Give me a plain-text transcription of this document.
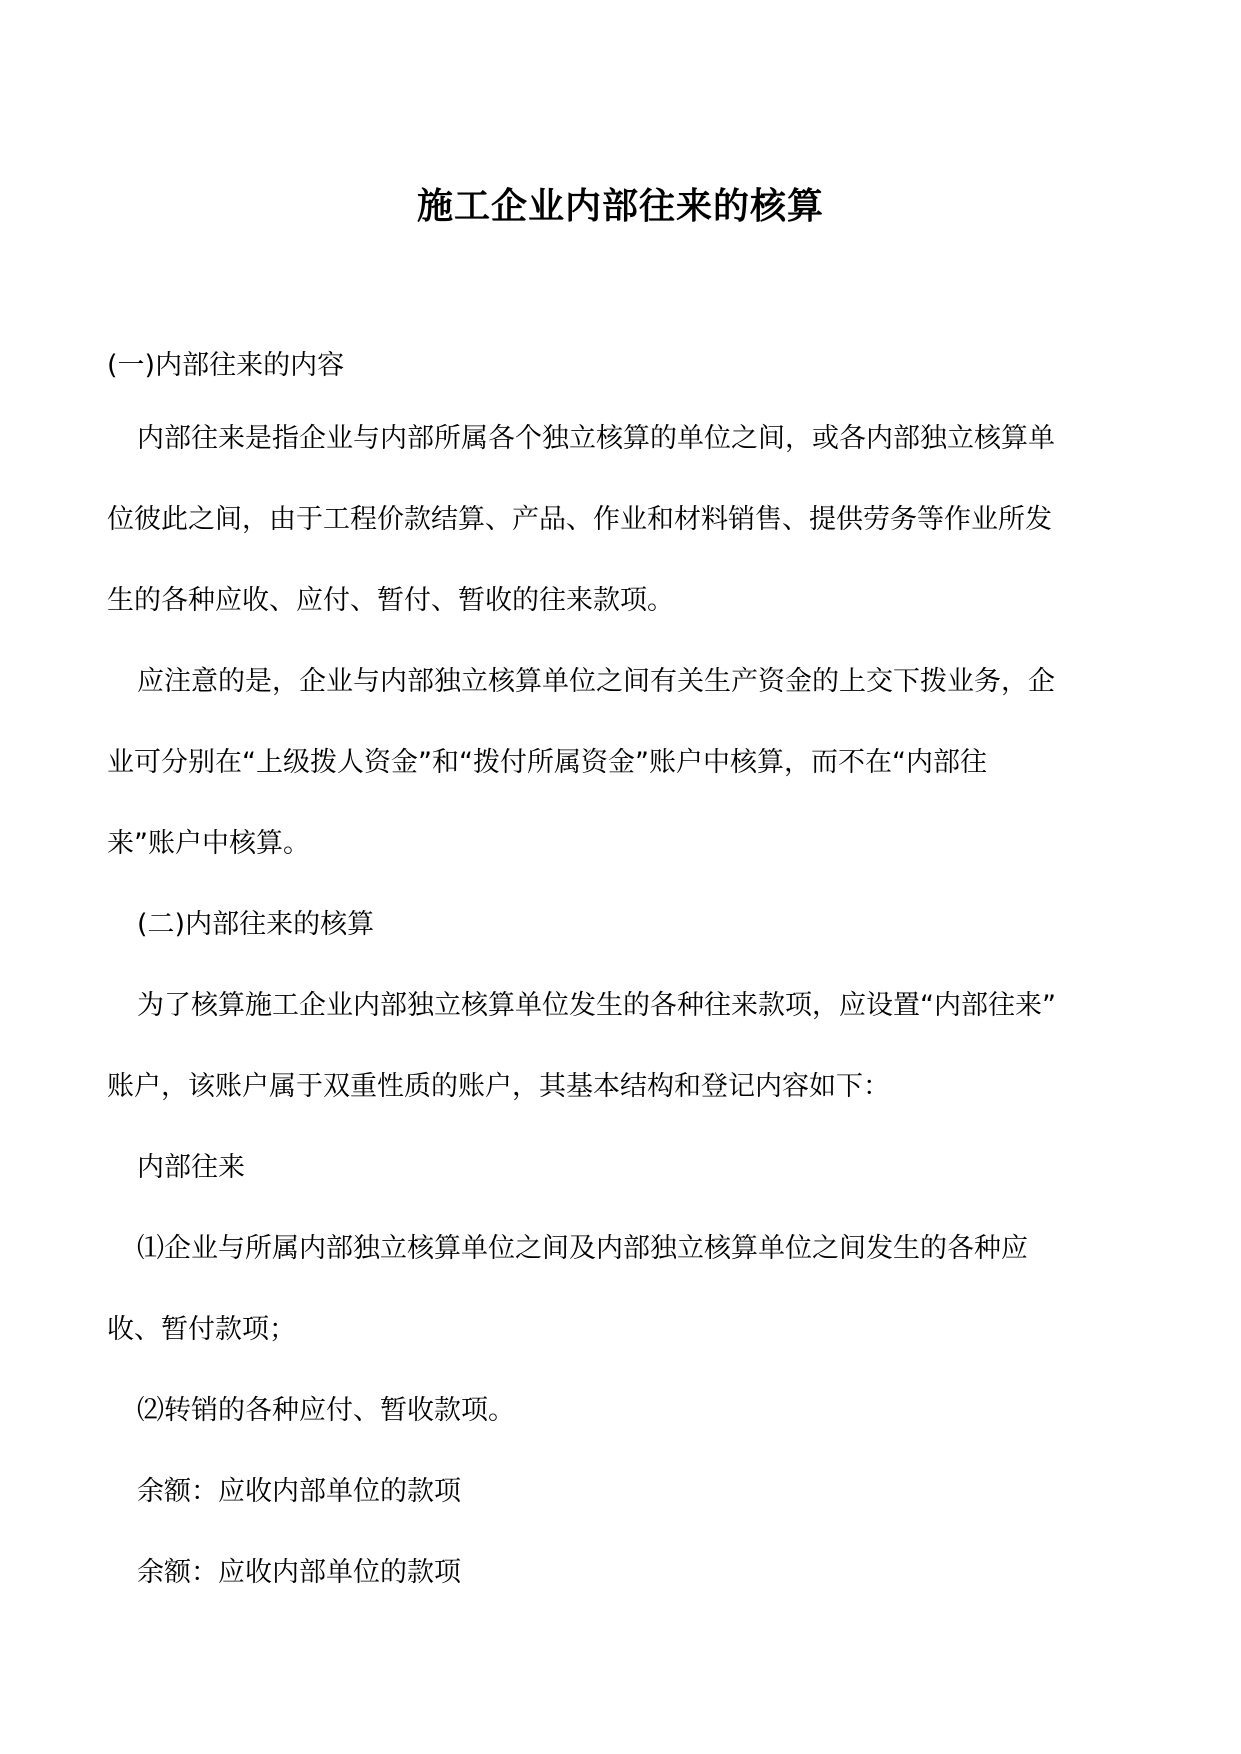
施工企业内部往来的核算

(一)内部往来的内容

内部往来是指企业与内部所属各个独立核算的单位之间，或各内部独立核算单

位彼此之间，由于工程价款结算、产品、作业和材料销售、提供劳务等作业所发

生的各种应收、应付、暂付、暂收的往来款项。

应注意的是，企业与内部独立核算单位之间有关生产资金的上交下拨业务，企

业可分别在“上级拨人资金”和“拨付所属资金”账户中核算，而不在“内部往

来”账户中核算。

(二)内部往来的核算

为了核算施工企业内部独立核算单位发生的各种往来款项，应设置“内部往来”

账户，该账户属于双重性质的账户，其基本结构和登记内容如下：

内部往来

⑴企业与所属内部独立核算单位之间及内部独立核算单位之间发生的各种应

收、暂付款项；

⑵转销的各种应付、暂收款项。

余额：应收内部单位的款项

余额：应收内部单位的款项
